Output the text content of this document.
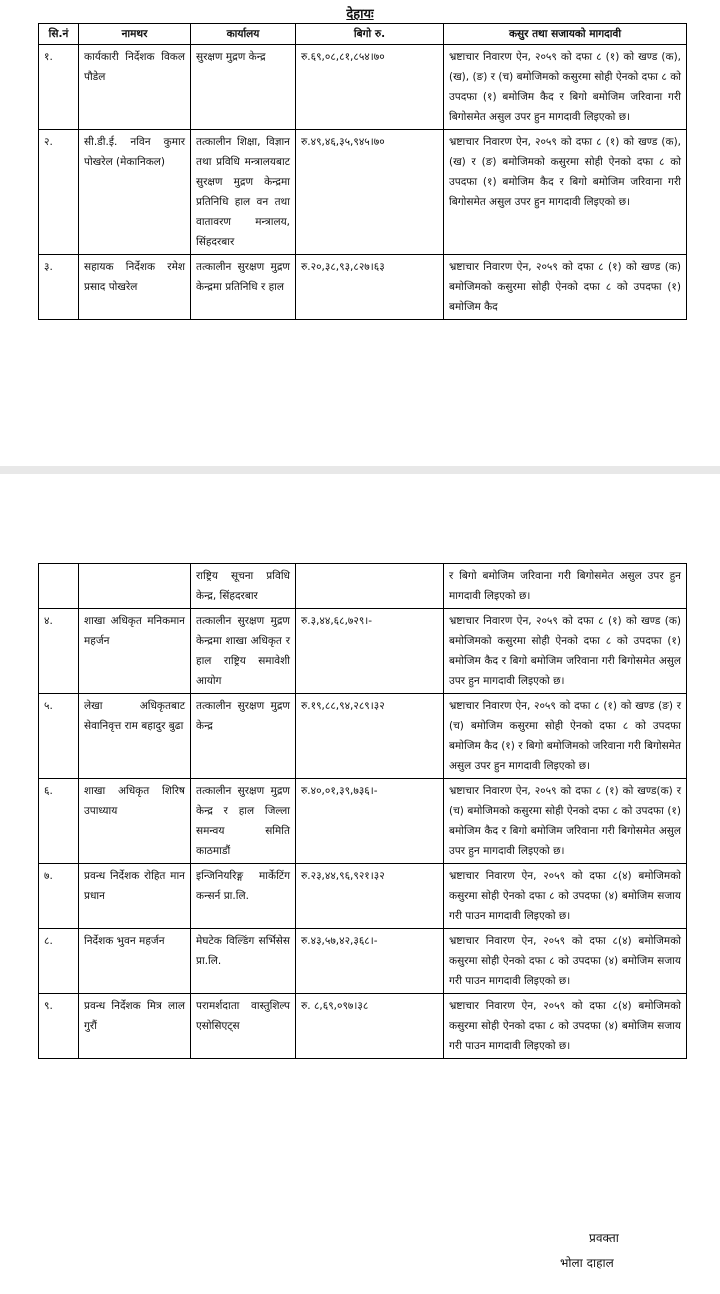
देहायः
सि.नं	नामथर	कार्यालय	बिगो रु.	कसुर तथा सजायको मागदावी
१.	कार्यकारी निर्देशक विकल पौडेल	सुरक्षण मुद्रण केन्द्र	रु.६९,०८,८१,८५४।७०	भ्रष्टाचार निवारण ऐन, २०५९ को दफा ८ (१) को खण्ड (क), (ख), (ङ) र (च) बमोजिमको कसुरमा सोही ऐनको दफा ८ को उपदफा (१) बमोजिम कैद र बिगो बमोजिम जरिवाना गरी बिगोसमेत असुल उपर हुन मागदावी लिइएको छ।
२.	सी.डी.ई. नविन कुमार पोखरेल (मेकानिकल)	तत्कालीन शिक्षा, विज्ञान तथा प्रविधि मन्त्रालयबाट सुरक्षण मुद्रण केन्द्रमा प्रतिनिधि हाल वन तथा वातावरण मन्त्रालय, सिंहदरबार	रु.४९,४६,३५,९४५।७०	भ्रष्टाचार निवारण ऐन, २०५९ को दफा ८ (१) को खण्ड (क), (ख) र (ङ) बमोजिमको कसुरमा सोही ऐनको दफा ८ को उपदफा (१) बमोजिम कैद र बिगो बमोजिम जरिवाना गरी बिगोसमेत असुल उपर हुन मागदावी लिइएको छ।
३.	सहायक निर्देशक रमेश प्रसाद पोखरेल	तत्कालीन सुरक्षण मुद्रण केन्द्रमा प्रतिनिधि र हाल	रु.२०,३८,९३,८२७।६३	भ्रष्टाचार निवारण ऐन, २०५९ को दफा ८ (१) को खण्ड (क) बमोजिमको कसुरमा सोही ऐनको दफा ८ को उपदफा (१) बमोजिम कैद
		राष्ट्रिय सूचना प्रविधि केन्द्र, सिंहदरबार		र बिगो बमोजिम जरिवाना गरी बिगोसमेत असुल उपर हुन मागदावी लिइएको छ।
४.	शाखा अधिकृत मनिकमान महर्जन	तत्कालीन सुरक्षण मुद्रण केन्द्रमा शाखा अधिकृत र हाल राष्ट्रिय समावेशी आयोग	रु.३,४४,६८,७२९।-	भ्रष्टाचार निवारण ऐन, २०५९ को दफा ८ (१) को खण्ड (क) बमोजिमको कसुरमा सोही ऐनको दफा ८ को उपदफा (१) बमोजिम कैद र बिगो बमोजिम जरिवाना गरी बिगोसमेत असुल उपर हुन मागदावी लिइएको छ।
५.	लेखा अधिकृतबाट सेवानिवृत्त राम बहादुर बुढा	तत्कालीन सुरक्षण मुद्रण केन्द्र	रु.१९,८८,९४,२८९।३२	भ्रष्टाचार निवारण ऐन, २०५९ को दफा ८ (१) को खण्ड (ङ) र (च) बमोजिम कसुरमा सोही ऐनको दफा ८ को उपदफा बमोजिम कैद (१) र बिगो बमोजिमको जरिवाना गरी बिगोसमेत असुल उपर हुन मागदावी लिइएको छ।
६.	शाखा अधिकृत शिरिष उपाध्याय	तत्कालीन सुरक्षण मुद्रण केन्द्र र हाल जिल्ला समन्वय समिति काठमाडौं	रु.४०,०१,३९,७३६।-	भ्रष्टाचार निवारण ऐन, २०५९ को दफा ८ (१) को खण्ड(क) र (च) बमोजिमको कसुरमा सोही ऐनको दफा ८ को उपदफा (१) बमोजिम कैद र बिगो बमोजिम जरिवाना गरी बिगोसमेत असुल उपर हुन मागदावी लिइएको छ।
७.	प्रवन्ध निर्देशक रोहित मान प्रधान	इन्जिनियरिङ्ग मार्केटिंग कन्सर्न प्रा.लि.	रु.२३,४४,९६,९२१।३२	भ्रष्टाचार निवारण ऐन, २०५९ को दफा ८(४) बमोजिमको कसुरमा सोही ऐनको दफा ८ को उपदफा (४) बमोजिम सजाय गरी पाउन मागदावी लिइएको छ।
८.	निर्देशक भुवन महर्जन	मेघटेक विल्डिंग सर्भिसेस प्रा.लि.	रु.४३,५७,४२,३६८।-	भ्रष्टाचार निवारण ऐन, २०५९ को दफा ८(४) बमोजिमको कसुरमा सोही ऐनको दफा ८ को उपदफा (४) बमोजिम सजाय गरी पाउन मागदावी लिइएको छ।
९.	प्रवन्ध निर्देशक मित्र लाल गुरौं	परामर्शदाता वास्तुशिल्प एसोसिएट्स	रु. ८,६९,०९७।३८	भ्रष्टाचार निवारण ऐन, २०५९ को दफा ८(४) बमोजिमको कसुरमा सोही ऐनको दफा ८ को उपदफा (४) बमोजिम सजाय गरी पाउन मागदावी लिइएको छ।
प्रवक्ता
भोला दाहाल
